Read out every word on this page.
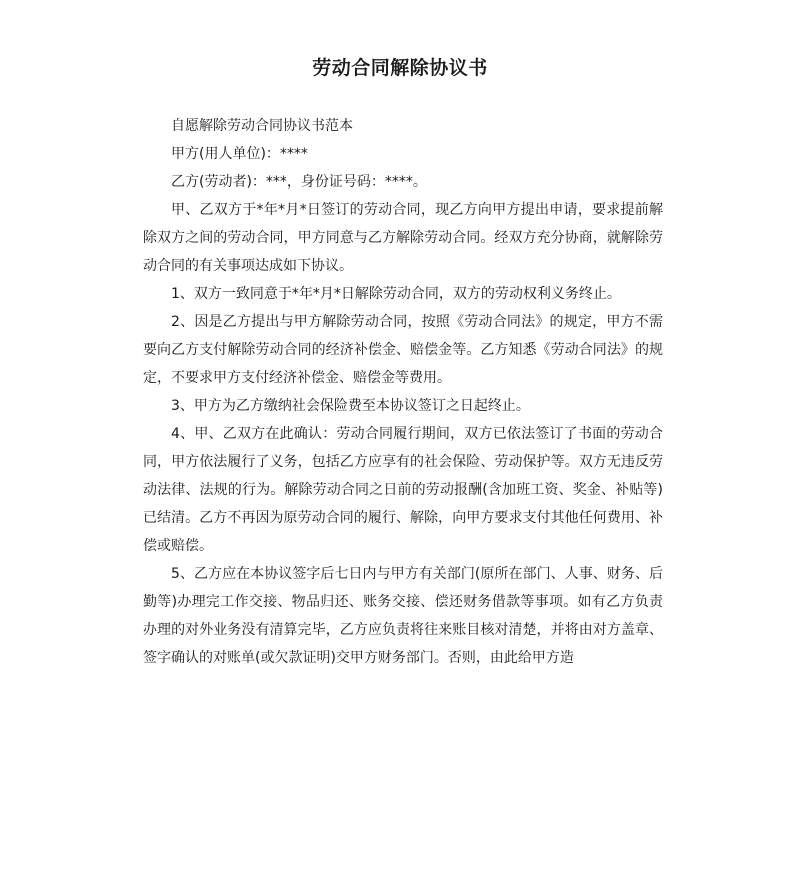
劳动合同解除协议书

自愿解除劳动合同协议书范本

甲方(用人单位)：****

乙方(劳动者)：***，身份证号码：****。

甲、乙双方于*年*月*日签订的劳动合同，现乙方向甲方提出申请，要求提前解除双方之间的劳动合同，甲方同意与乙方解除劳动合同。经双方充分协商，就解除劳动合同的有关事项达成如下协议。

1、双方一致同意于*年*月*日解除劳动合同，双方的劳动权利义务终止。

2、因是乙方提出与甲方解除劳动合同，按照《劳动合同法》的规定，甲方不需要向乙方支付解除劳动合同的经济补偿金、赔偿金等。乙方知悉《劳动合同法》的规定，不要求甲方支付经济补偿金、赔偿金等费用。

3、甲方为乙方缴纳社会保险费至本协议签订之日起终止。

4、甲、乙双方在此确认：劳动合同履行期间，双方已依法签订了书面的劳动合同，甲方依法履行了义务，包括乙方应享有的社会保险、劳动保护等。双方无违反劳动法律、法规的行为。解除劳动合同之日前的劳动报酬(含加班工资、奖金、补贴等)已结清。乙方不再因为原劳动合同的履行、解除，向甲方要求支付其他任何费用、补偿或赔偿。

5、乙方应在本协议签字后七日内与甲方有关部门(原所在部门、人事、财务、后勤等)办理完工作交接、物品归还、账务交接、偿还财务借款等事项。如有乙方负责办理的对外业务没有清算完毕，乙方应负责将往来账目核对清楚，并将由对方盖章、签字确认的对账单(或欠款证明)交甲方财务部门。否则，由此给甲方造
